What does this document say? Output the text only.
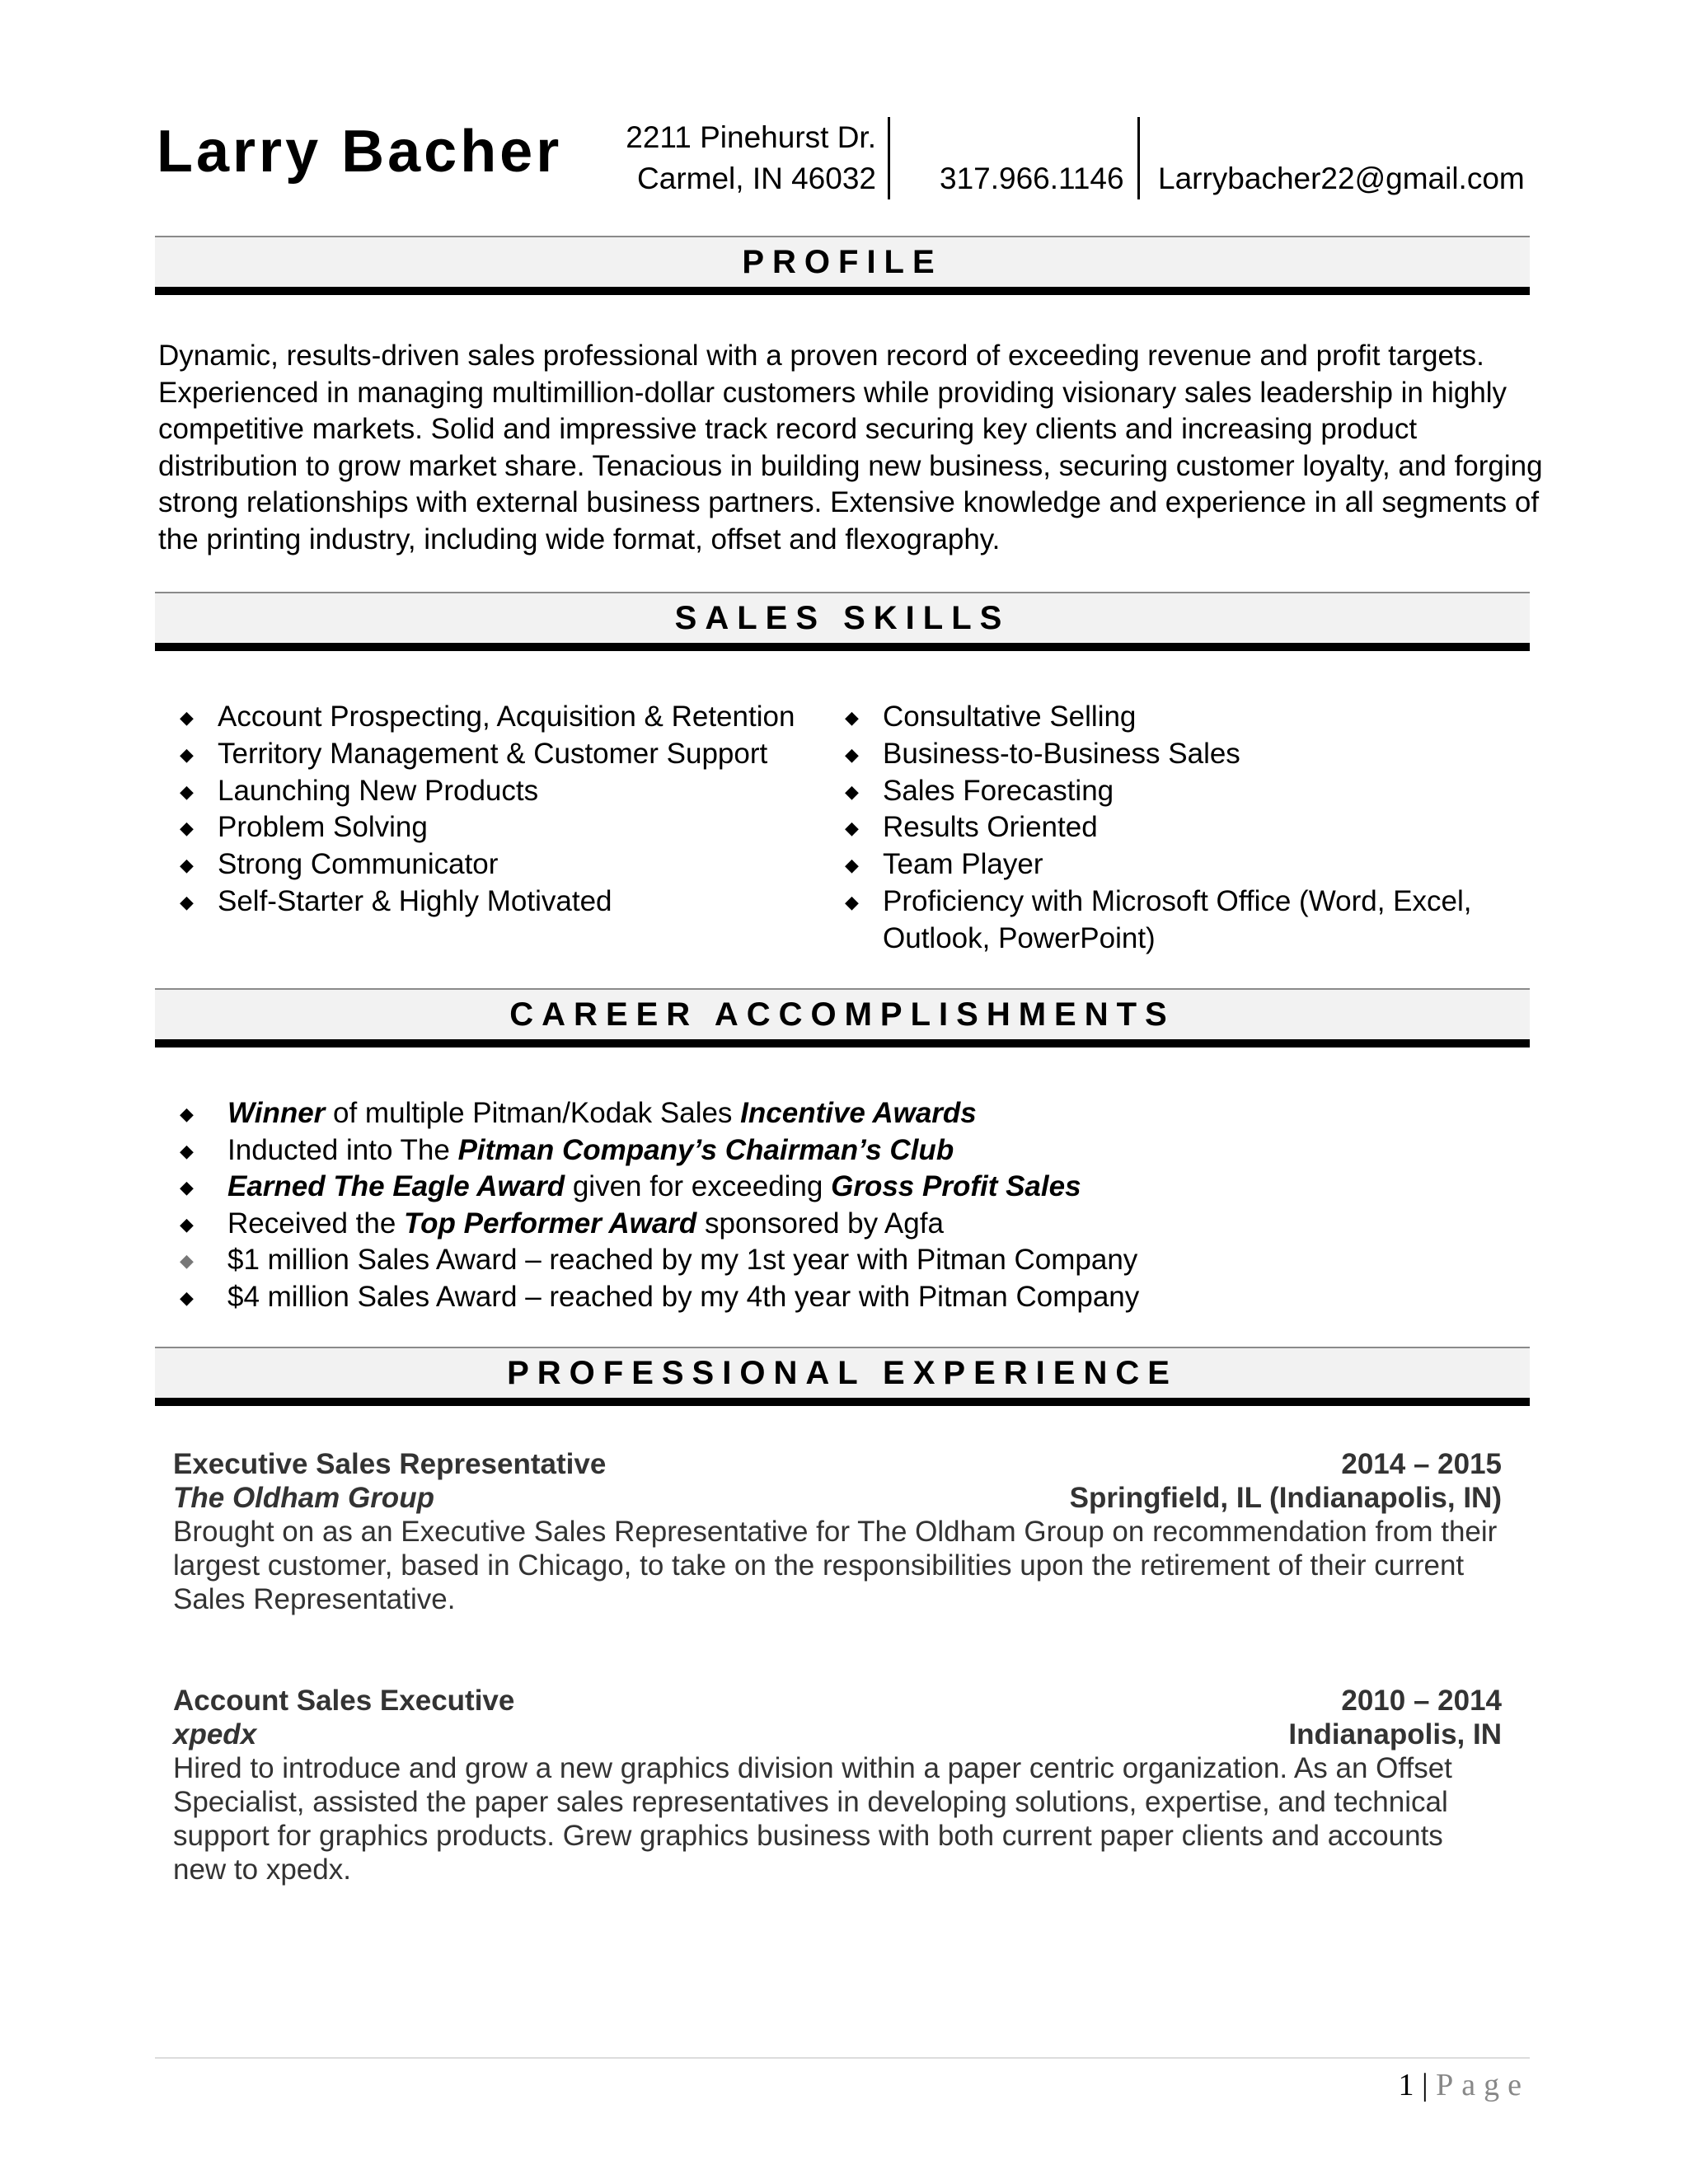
Larry Bacher 2211 Pinehurst Dr.
Carmel, IN 46032 317.966.1146 Larrybacher22@gmail.com
PROFILE
Dynamic, results-driven sales professional with a proven record of exceeding revenue and profit targets. Experienced in managing multimillion-dollar customers while providing visionary sales leadership in highly competitive markets. Solid and impressive track record securing key clients and increasing product distribution to grow market share. Tenacious in building new business, securing customer loyalty, and forging strong relationships with external business partners. Extensive knowledge and experience in all segments of the printing industry, including wide format, offset and flexography.
SALES SKILLS
◆ Account Prospecting, Acquisition & Retention
◆ Territory Management & Customer Support
◆ Launching New Products
◆ Problem Solving
◆ Strong Communicator
◆ Self-Starter & Highly Motivated
◆ Consultative Selling
◆ Business-to-Business Sales
◆ Sales Forecasting
◆ Results Oriented
◆ Team Player
◆ Proficiency with Microsoft Office (Word, Excel, Outlook, PowerPoint)
CAREER ACCOMPLISHMENTS
◆ Winner of multiple Pitman/Kodak Sales Incentive Awards
◆ Inducted into The Pitman Company’s Chairman’s Club
◆ Earned The Eagle Award given for exceeding Gross Profit Sales
◆ Received the Top Performer Award sponsored by Agfa
◆ $1 million Sales Award – reached by my 1st year with Pitman Company
◆ $4 million Sales Award – reached by my 4th year with Pitman Company
PROFESSIONAL EXPERIENCE
Executive Sales Representative	2014 – 2015
The Oldham Group	Springfield, IL (Indianapolis, IN)
Brought on as an Executive Sales Representative for The Oldham Group on recommendation from their largest customer, based in Chicago, to take on the responsibilities upon the retirement of their current Sales Representative.
Account Sales Executive	2010 – 2014
xpedx	Indianapolis, IN
Hired to introduce and grow a new graphics division within a paper centric organization. As an Offset Specialist, assisted the paper sales representatives in developing solutions, expertise, and technical support for graphics products. Grew graphics business with both current paper clients and accounts new to xpedx.
1 | Page
